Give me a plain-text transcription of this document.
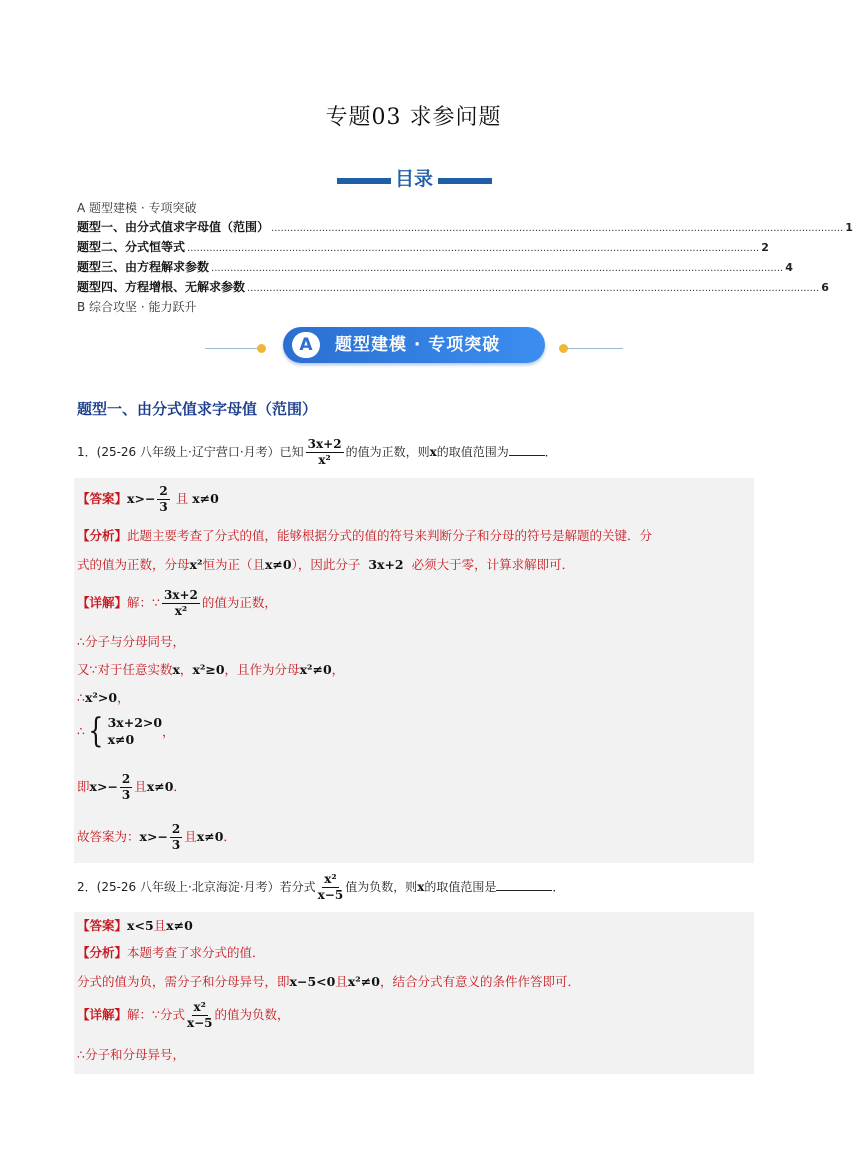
专题03 求参问题
目录
A 题型建模 · 专项突破
题型一、由分式值求字母值（范围） .................................................................................................................................................................................... 1
题型二、分式恒等式 .................................................................................................................................................................................... 2
题型三、由方程解求参数 .................................................................................................................................................................................... 4
题型四、方程增根、无解求参数 .................................................................................................................................................................................... 6
B 综合攻坚 · 能力跃升
A	题型建模 · 专项突破
题型一、由分式值求字母值（范围）
1．(25-26 八年级上·辽宁营口·月考）已知 $\frac{3x+2}{\text{x²}}$ 的值为正数，则x的取值范围为	．
【答案】$x>- \frac{2}{3}$ 且 x≠0
【分析】此题主要考查了分式的值，能够根据分式的值的符号来判断分子和分母的符号是解题的关键．分
式的值为正数，分母x²恒为正（且x≠0），因此分子 3x+2 必须大于零，计算求解即可．
【详解】解：∵ $\frac{3x+2}{\text{x²}}$ 的值为正数，
∴分子与分母同号，
又∵对于任意实数x，x²≥0，且作为分母x²≠0，
∴x²>0，
∴ { 3x+2>0
x≠0
，
即$x>- \frac{2}{3}$ 且x≠0．
故答案为：$x>- \frac{2}{3}$ 且x≠0．
2．(25-26 八年级上·北京海淀·月考）若分式 $\frac{\text{x²}}{x-5}$ 值为负数，则x的取值范围是	．
【答案】x<5且x≠0
【分析】本题考查了求分式的值．
分式的值为负，需分子和分母异号，即x−5<0且x²≠0，结合分式有意义的条件作答即可．
【详解】解：∵分式 $\frac{\text{x²}}{x-5}$ 的值为负数，
∴分子和分母异号，
